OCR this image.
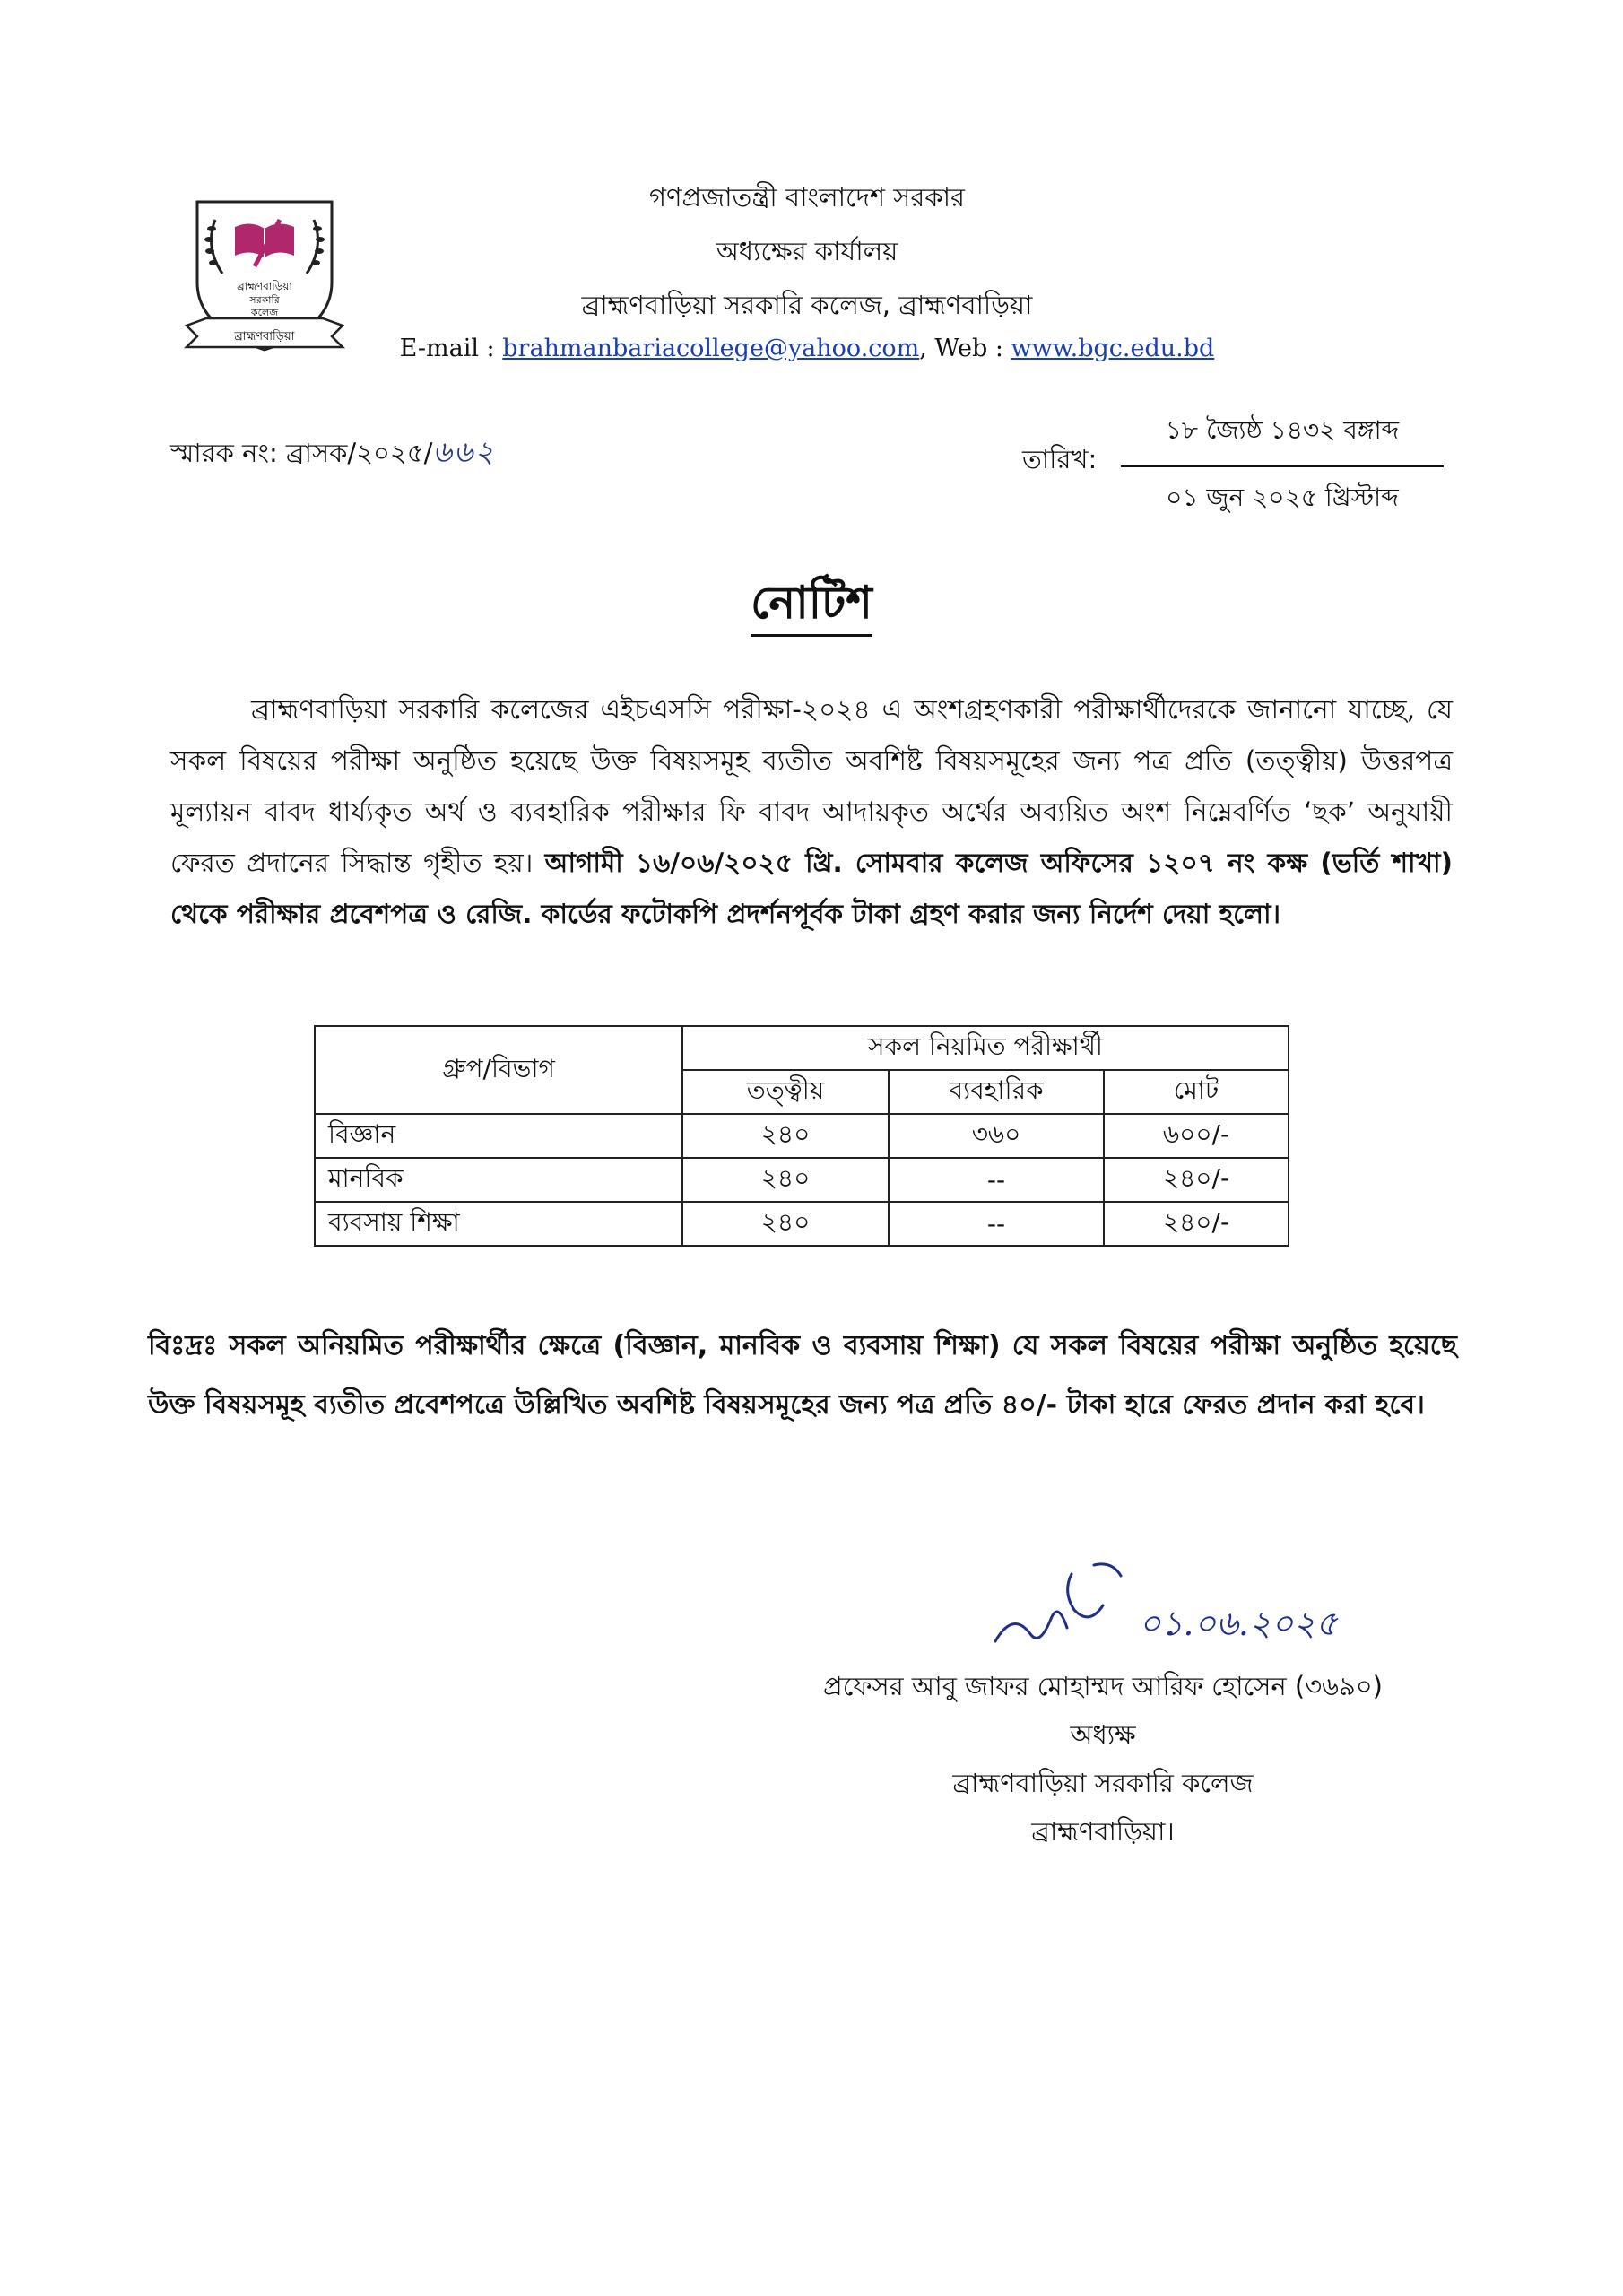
ব্রাহ্মণবাড়িয়া
সরকারি
কলেজ
ব্রাহ্মণবাড়িয়া
গণপ্রজাতন্ত্রী বাংলাদেশ সরকার
অধ্যক্ষের কার্যালয়
ব্রাহ্মণবাড়িয়া সরকারি কলেজ, ব্রাহ্মণবাড়িয়া
E-mail : brahmanbariacollege@yahoo.com, Web : www.bgc.edu.bd
স্মারক নং: ব্রাসক/২০২৫/৬৬২	তারিখ:
১৮ জ্যৈষ্ঠ ১৪৩২ বঙ্গাব্দ
০১ জুন ২০২৫ খ্রিস্টাব্দ
নোটিশ
ব্রাহ্মণবাড়িয়া সরকারি কলেজের এইচএসসি পরীক্ষা-২০২৪ এ অংশগ্রহণকারী পরীক্ষার্থীদেরকে জানানো যাচ্ছে, যে সকল বিষয়ের পরীক্ষা অনুষ্ঠিত হয়েছে উক্ত বিষয়সমূহ ব্যতীত অবশিষ্ট বিষয়সমূহের জন্য পত্র প্রতি (তত্ত্বীয়) উত্তরপত্র মূল্যায়ন বাবদ ধার্য্যকৃত অর্থ ও ব্যবহারিক পরীক্ষার ফি বাবদ আদায়কৃত অর্থের অব্যয়িত অংশ নিম্নেবর্ণিত ‘ছক’ অনুযায়ী ফেরত প্রদানের সিদ্ধান্ত গৃহীত হয়। আগামী ১৬/০৬/২০২৫ খ্রি. সোমবার কলেজ অফিসের ১২০৭ নং কক্ষ (ভর্তি শাখা) থেকে পরীক্ষার প্রবেশপত্র ও রেজি. কার্ডের ফটোকপি প্রদর্শনপূর্বক টাকা গ্রহণ করার জন্য নির্দেশ দেয়া হলো।
গ্রুপ/বিভাগ	সকল নিয়মিত পরীক্ষার্থী		
	তত্ত্বীয়	ব্যবহারিক	মোট
বিজ্ঞান	২৪০	৩৬০	৬০০/-
মানবিক	২৪০	--	২৪০/-
ব্যবসায় শিক্ষা	২৪০	--	২৪০/-
বিঃদ্রঃ সকল অনিয়মিত পরীক্ষার্থীর ক্ষেত্রে (বিজ্ঞান, মানবিক ও ব্যবসায় শিক্ষা) যে সকল বিষয়ের পরীক্ষা অনুষ্ঠিত হয়েছে উক্ত বিষয়সমূহ ব্যতীত প্রবেশপত্রে উল্লিখিত অবশিষ্ট বিষয়সমূহের জন্য পত্র প্রতি ৪০/- টাকা হারে ফেরত প্রদান করা হবে।
০১.০৬.২০২৫
প্রফেসর আবু জাফর মোহাম্মদ আরিফ হোসেন (৩৬৯০)
অধ্যক্ষ
ব্রাহ্মণবাড়িয়া সরকারি কলেজ
ব্রাহ্মণবাড়িয়া।
